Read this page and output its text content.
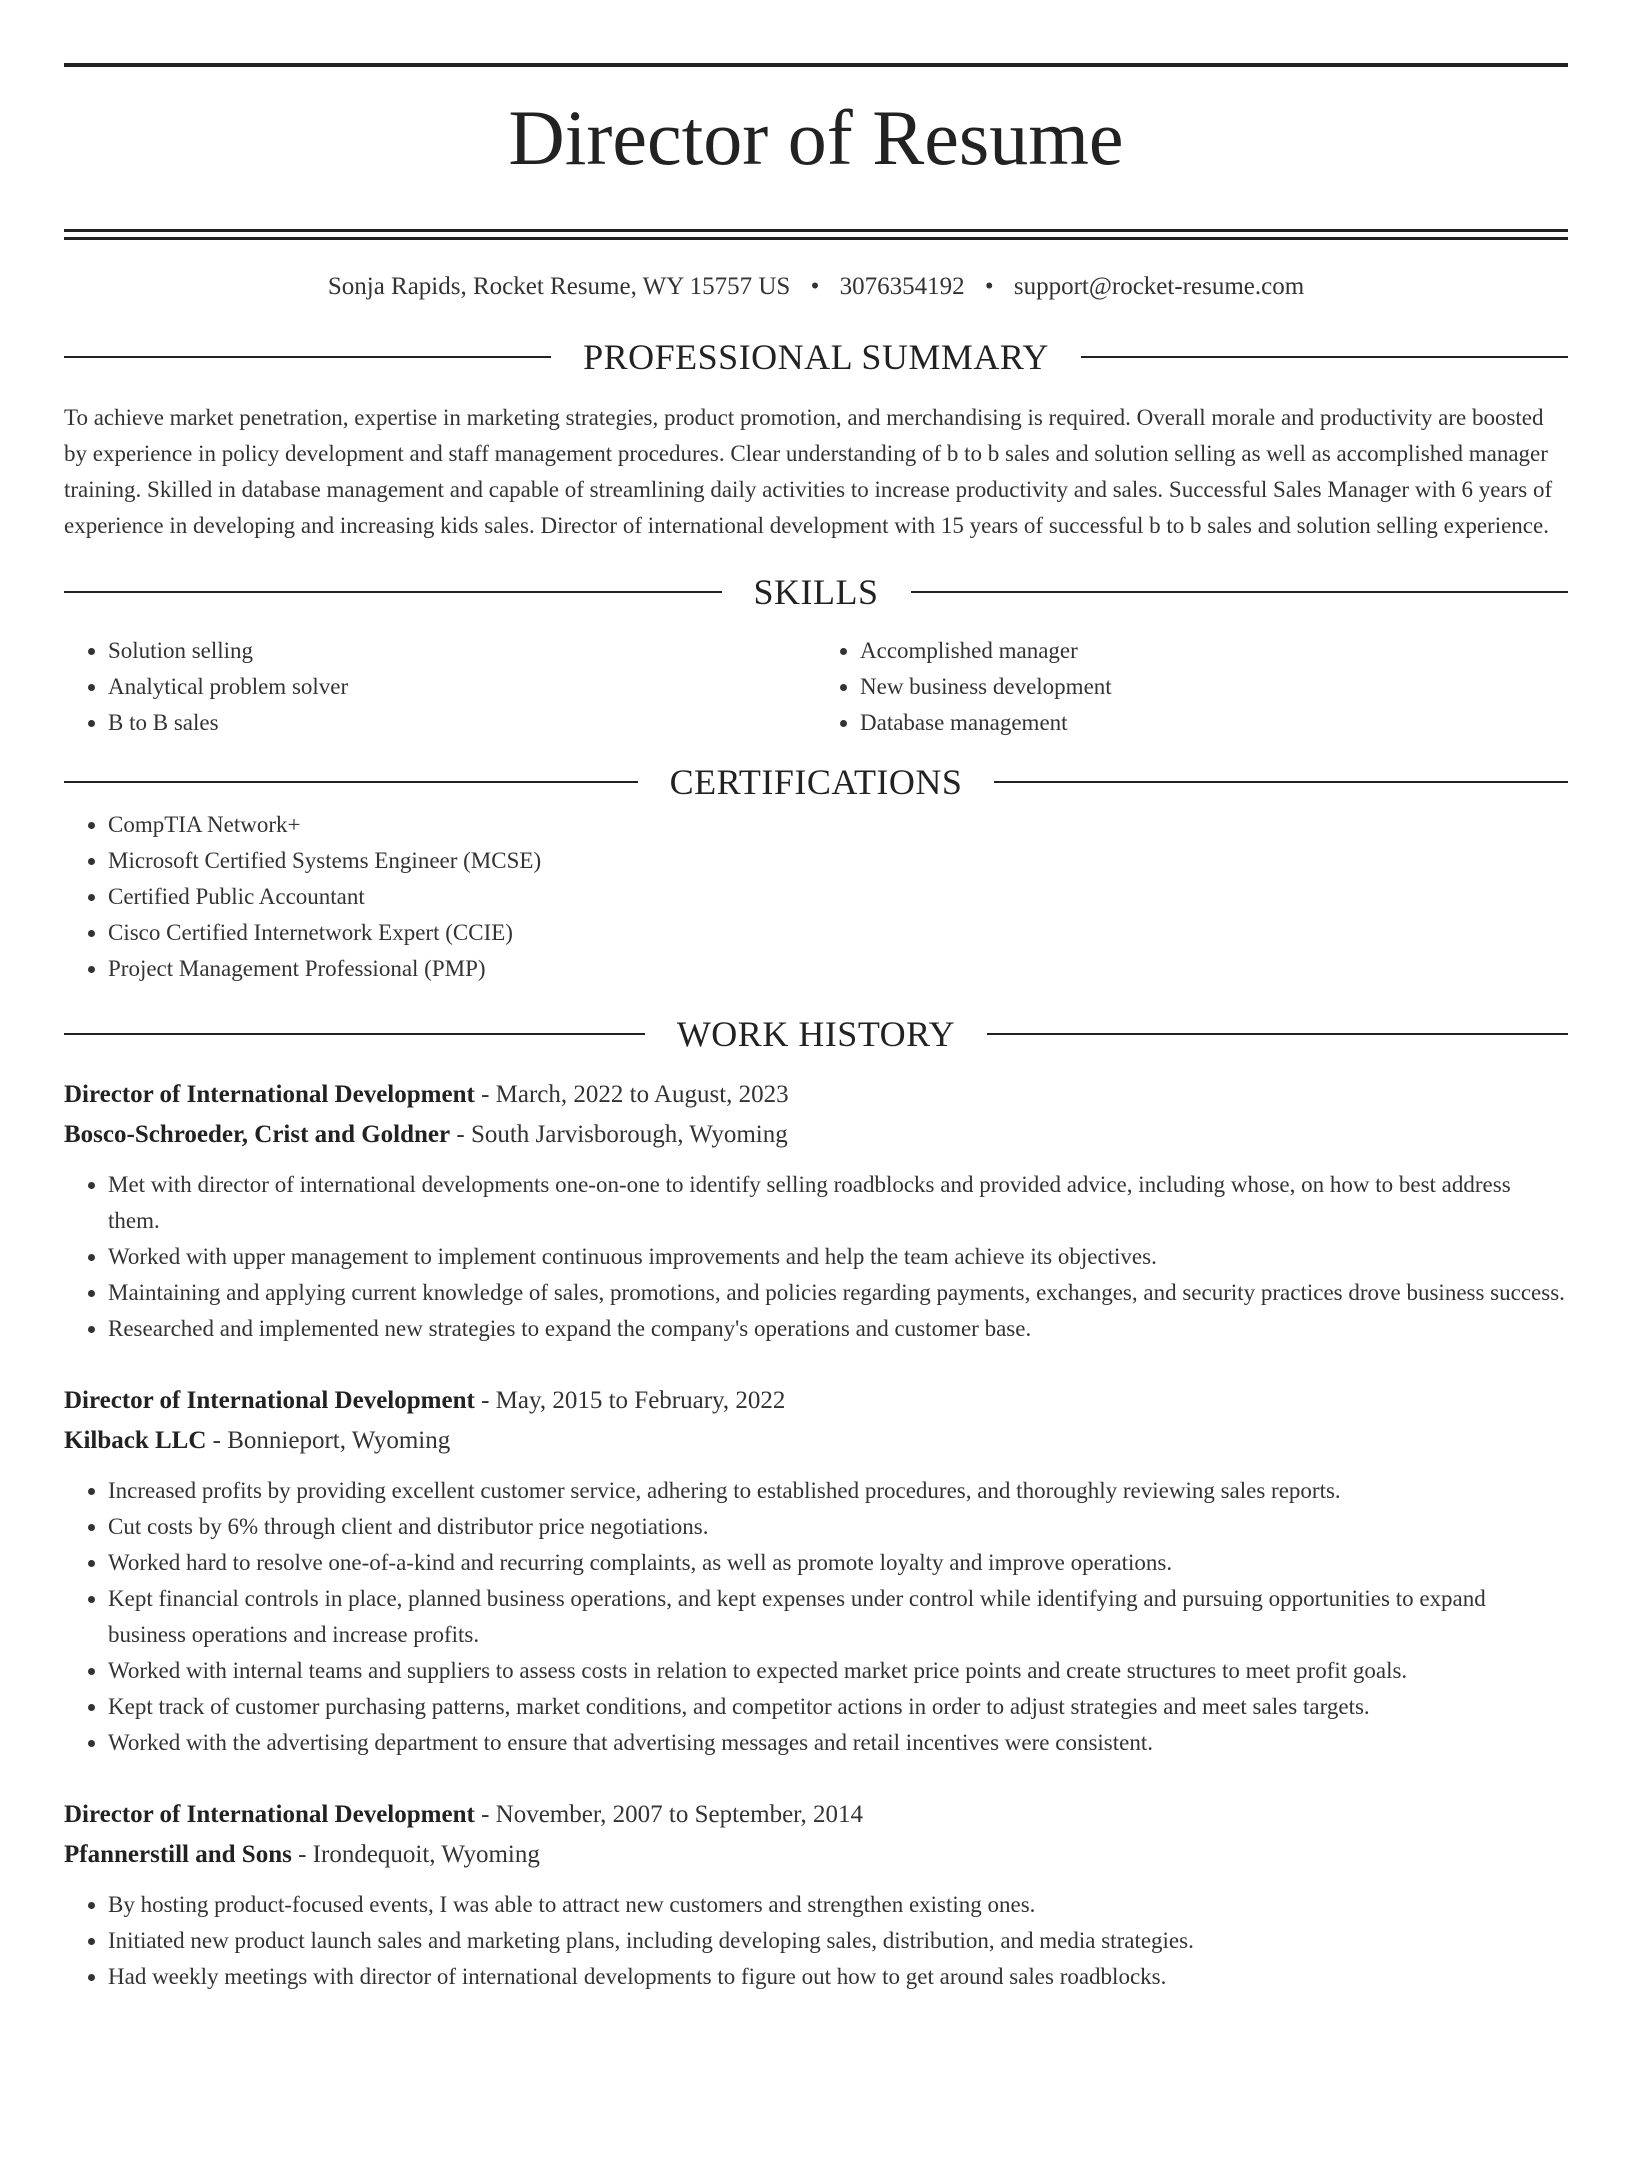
Director of Resume
Sonja Rapids, Rocket Resume, WY 15757 US • 3076354192 • support@rocket-resume.com
PROFESSIONAL SUMMARY

To achieve market penetration, expertise in marketing strategies, product promotion, and merchandising is required. Overall morale and productivity are boosted by experience in policy development and staff management procedures. Clear understanding of b to b sales and solution selling as well as accomplished manager training. Skilled in database management and capable of streamlining daily activities to increase productivity and sales. Successful Sales Manager with 6 years of experience in developing and increasing kids sales. Director of international development with 15 years of successful b to b sales and solution selling experience.

SKILLS
• Solution selling
• Analytical problem solver
• B to B sales
• Accomplished manager
• New business development
• Database management
CERTIFICATIONS
• CompTIA Network+
• Microsoft Certified Systems Engineer (MCSE)
• Certified Public Accountant
• Cisco Certified Internetwork Expert (CCIE)
• Project Management Professional (PMP)
WORK HISTORY
Director of International Development - March, 2022 to August, 2023
Bosco-Schroeder, Crist and Goldner - South Jarvisborough, Wyoming
• Met with director of international developments one-on-one to identify selling roadblocks and provided advice, including whose, on how to best address them.
• Worked with upper management to implement continuous improvements and help the team achieve its objectives.
• Maintaining and applying current knowledge of sales, promotions, and policies regarding payments, exchanges, and security practices drove business success.
• Researched and implemented new strategies to expand the company's operations and customer base.
Director of International Development - May, 2015 to February, 2022
Kilback LLC - Bonnieport, Wyoming
• Increased profits by providing excellent customer service, adhering to established procedures, and thoroughly reviewing sales reports.
• Cut costs by 6% through client and distributor price negotiations.
• Worked hard to resolve one-of-a-kind and recurring complaints, as well as promote loyalty and improve operations.
• Kept financial controls in place, planned business operations, and kept expenses under control while identifying and pursuing opportunities to expand business operations and increase profits.
• Worked with internal teams and suppliers to assess costs in relation to expected market price points and create structures to meet profit goals.
• Kept track of customer purchasing patterns, market conditions, and competitor actions in order to adjust strategies and meet sales targets.
• Worked with the advertising department to ensure that advertising messages and retail incentives were consistent.
Director of International Development - November, 2007 to September, 2014
Pfannerstill and Sons - Irondequoit, Wyoming
• By hosting product-focused events, I was able to attract new customers and strengthen existing ones.
• Initiated new product launch sales and marketing plans, including developing sales, distribution, and media strategies.
• Had weekly meetings with director of international developments to figure out how to get around sales roadblocks.
